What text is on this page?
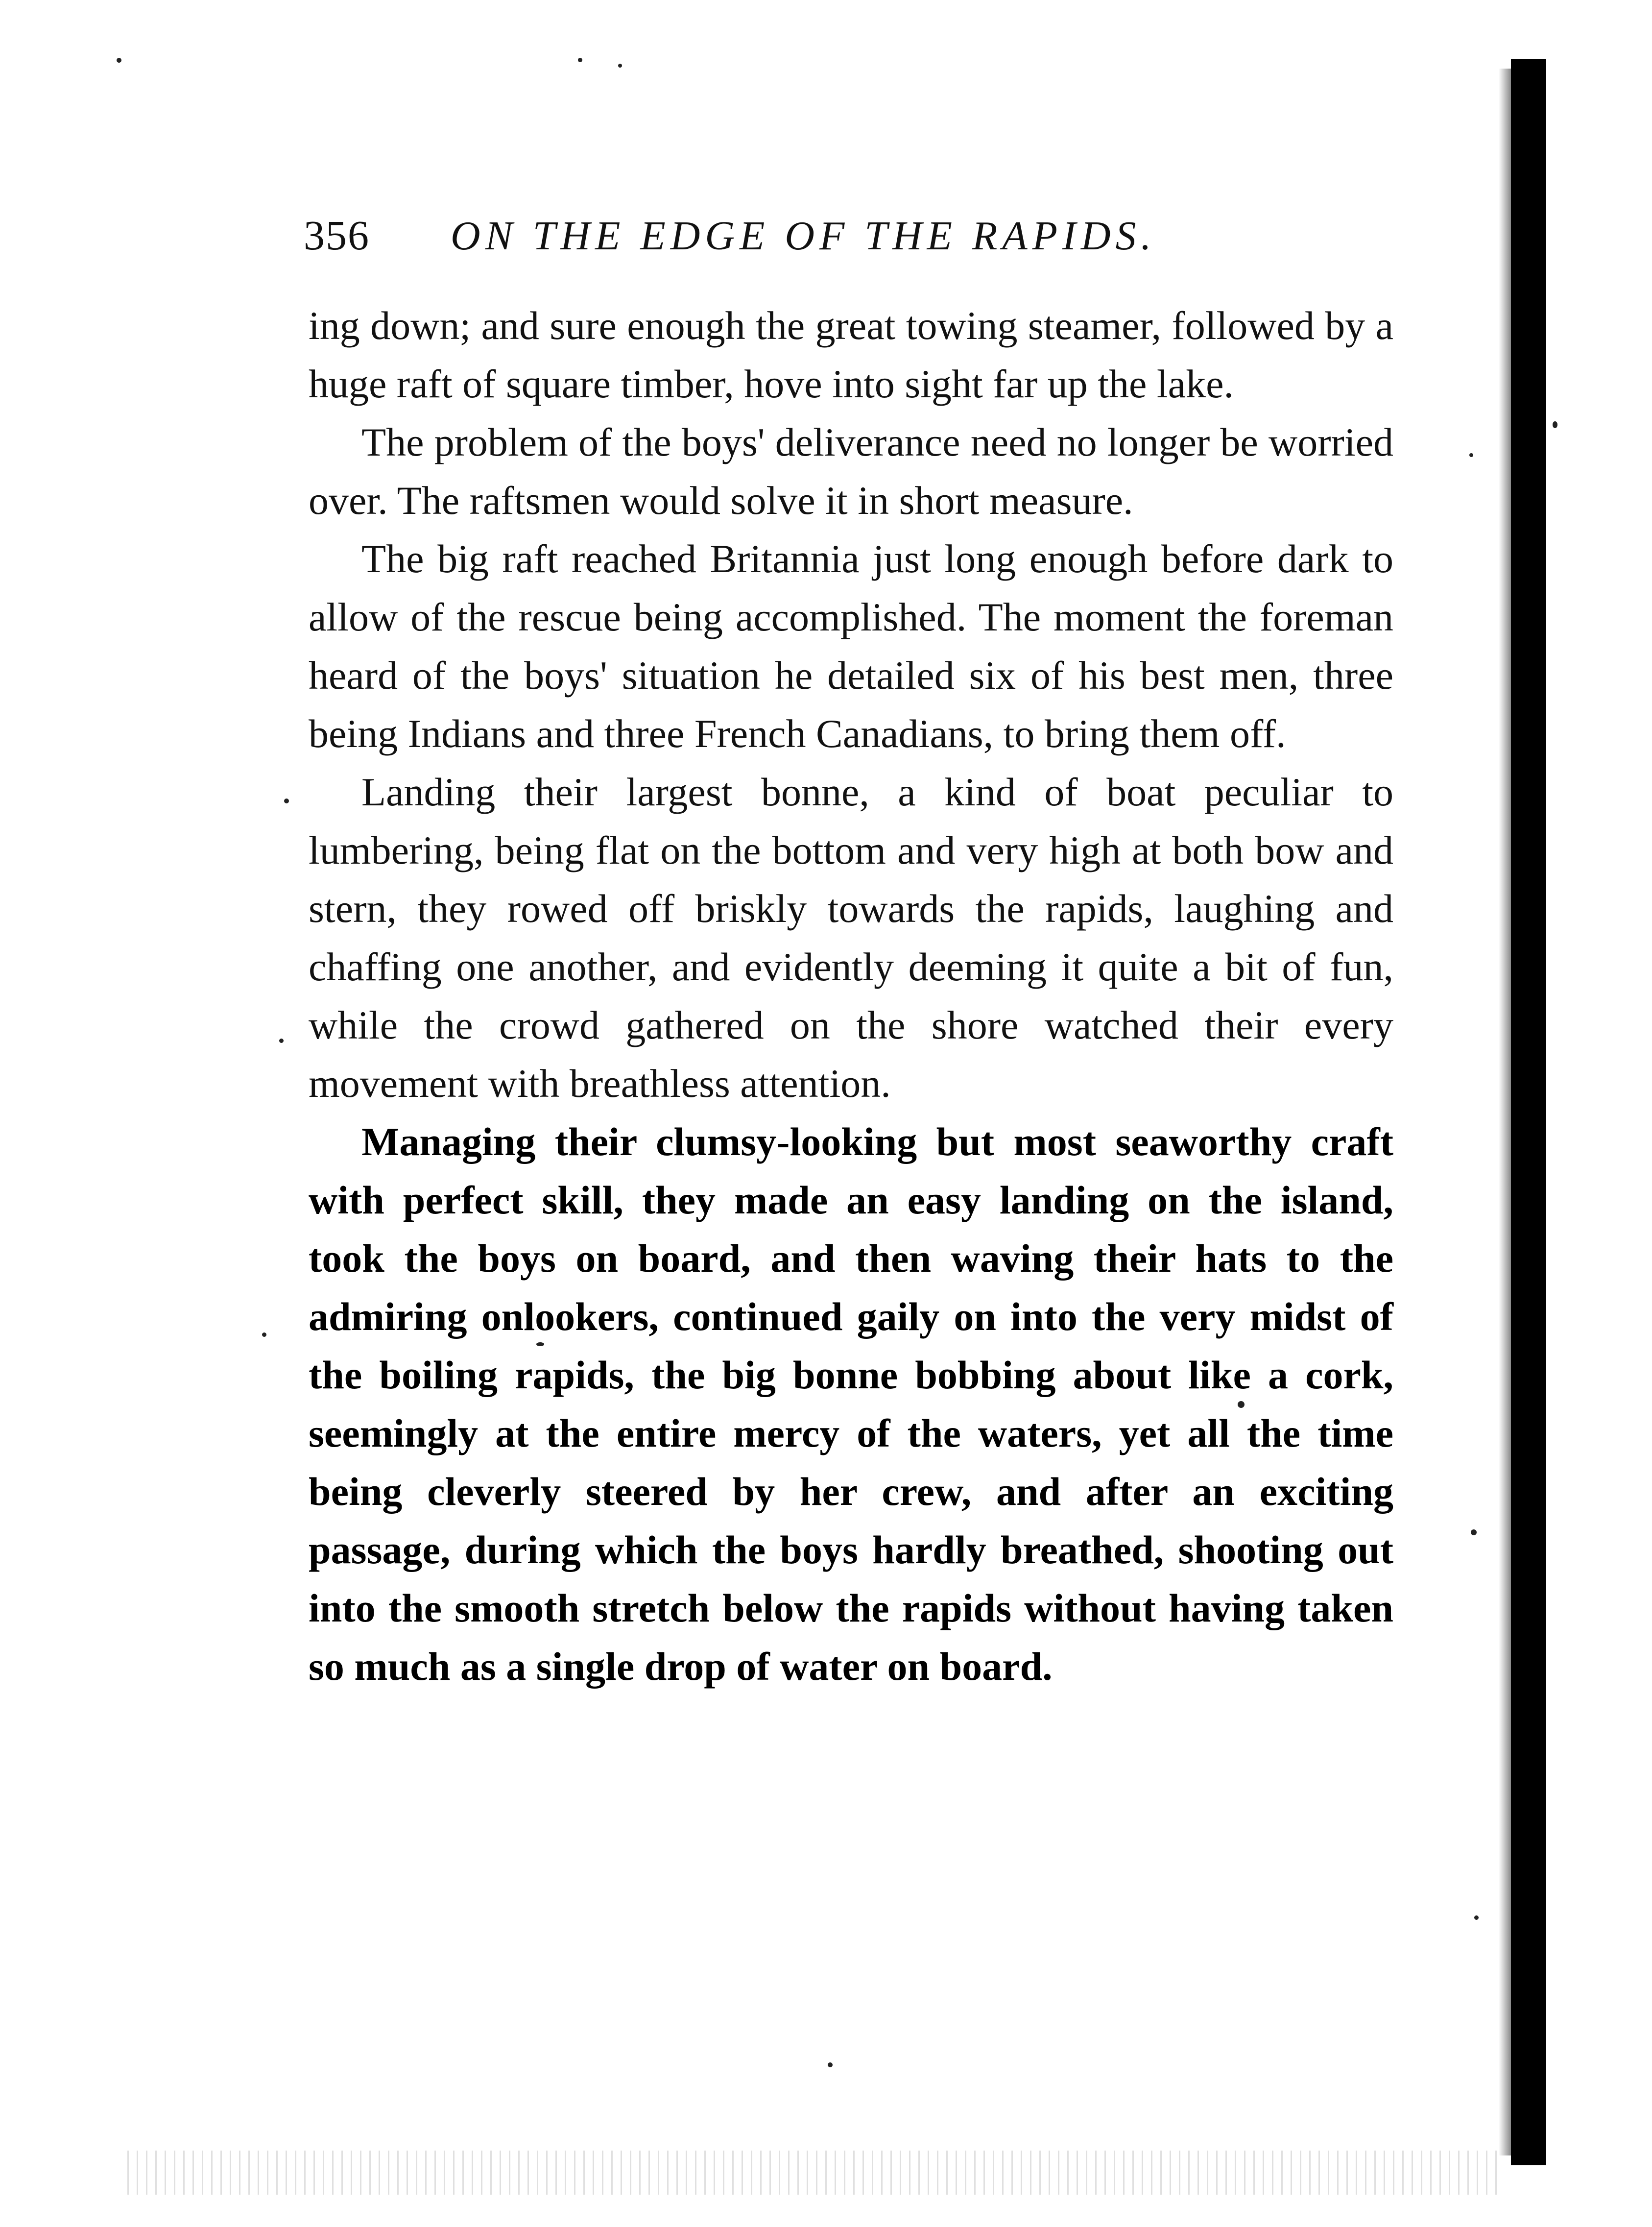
356	ON THE EDGE OF THE RAPIDS.

ing down; and sure enough the great towing steamer, followed by a huge raft of square timber, hove into sight far up the lake.

The problem of the boys' deliverance need no longer be worried over. The raftsmen would solve it in short measure.

The big raft reached Britannia just long enough before dark to allow of the rescue being accomplished. The moment the foreman heard of the boys' situation he detailed six of his best men, three being Indians and three French Canadians, to bring them off.

Landing their largest bonne, a kind of boat peculiar to lumbering, being flat on the bottom and very high at both bow and stern, they rowed off briskly towards the rapids, laughing and chaffing one another, and evidently deeming it quite a bit of fun, while the crowd gathered on the shore watched their every movement with breathless attention.

Managing their clumsy-looking but most seaworthy craft with perfect skill, they made an easy landing on the island, took the boys on board, and then waving their hats to the admiring onlookers, continued gaily on into the very midst of the boiling rapids, the big bonne bobbing about like a cork, seemingly at the entire mercy of the waters, yet all the time being cleverly steered by her crew, and after an exciting passage, during which the boys hardly breathed, shooting out into the smooth stretch below the rapids without having taken so much as a single drop of water on board.
